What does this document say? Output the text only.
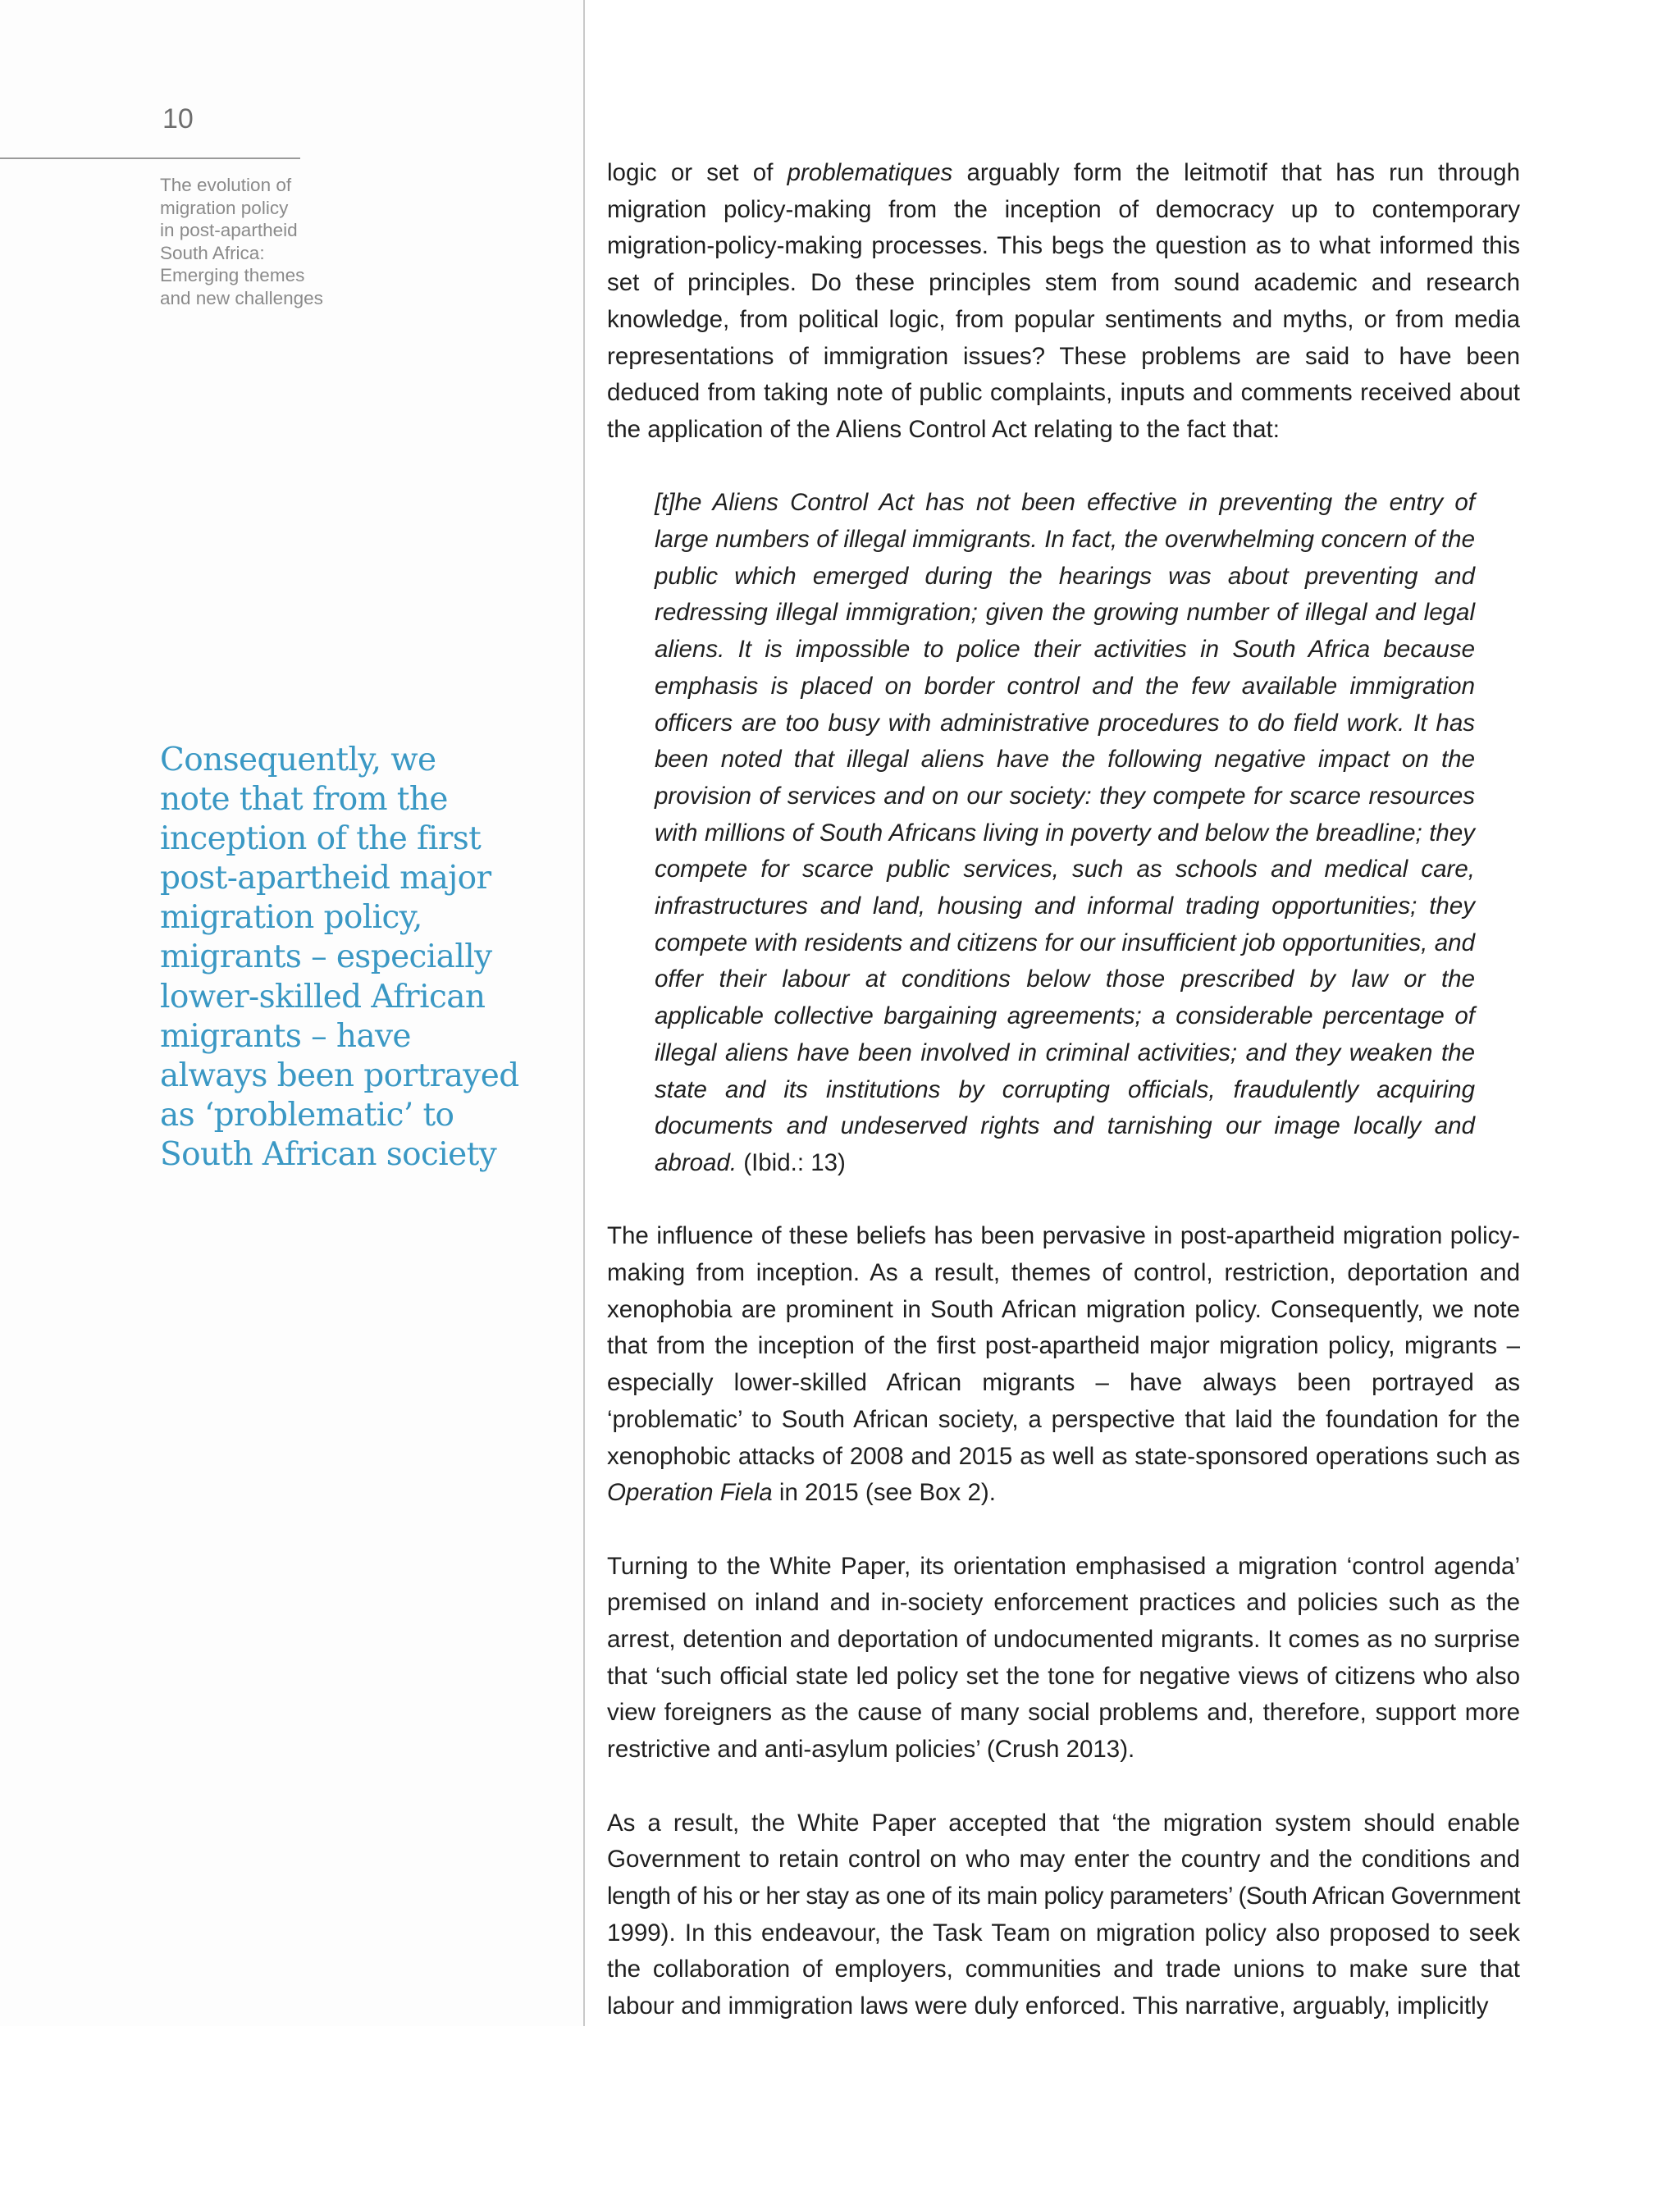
10
The evolution of
migration policy
in post-apartheid
South Africa:
Emerging themes
and new challenges
Consequently, we
note that from the
inception of the first
post-apartheid major
migration policy,
migrants – especially
lower-skilled African
migrants – have
always been portrayed
as ‘problematic’ to
South African society

logic or set of problematiques arguably form the leitmotif that has run through migration policy-making from the inception of democracy up to contemporary migration-policy-making processes. This begs the question as to what informed this set of principles. Do these principles stem from sound academic and research knowledge, from political logic, from popular sentiments and myths, or from media representations of immigration issues? These problems are said to have been deduced from taking note of public complaints, inputs and comments received about the application of the Aliens Control Act relating to the fact that:

[t]he Aliens Control Act has not been effective in preventing the entry of large numbers of illegal immigrants. In fact, the overwhelming concern of the public which emerged during the hearings was about preventing and redressing illegal immigration; given the growing number of illegal and legal aliens. It is impossible to police their activities in South Africa because emphasis is placed on border control and the few available immigration officers are too busy with administrative procedures to do field work. It has been noted that illegal aliens have the following negative impact on the provision of services and on our society: they compete for scarce resources with millions of South Africans living in poverty and below the breadline; they compete for scarce public services, such as schools and medical care, infrastructures and land, housing and informal trading opportunities; they compete with residents and citizens for our insufficient job opportunities, and offer their labour at conditions below those prescribed by law or the applicable collective bargaining agreements; a considerable percentage of illegal aliens have been involved in criminal activities; and they weaken the state and its institutions by corrupting officials, fraudulently acquiring documents and undeserved rights and tarnishing our image locally and abroad. (Ibid.: 13)

The influence of these beliefs has been pervasive in post-apartheid migration policy-making from inception. As a result, themes of control, restriction, deportation and xenophobia are prominent in South African migration policy. Consequently, we note that from the inception of the first post-apartheid major migration policy, migrants – especially lower-skilled African migrants – have always been portrayed as ‘problematic’ to South African society, a perspective that laid the foundation for the xenophobic attacks of 2008 and 2015 as well as state-sponsored operations such as Operation Fiela in 2015 (see Box 2).

Turning to the White Paper, its orientation emphasised a migration ‘control agenda’ premised on inland and in-society enforcement practices and policies such as the arrest, detention and deportation of undocumented migrants. It comes as no surprise that ‘such official state led policy set the tone for negative views of citizens who also view foreigners as the cause of many social problems and, therefore, support more restrictive and anti-asylum policies’ (Crush 2013).

As a result, the White Paper accepted that ‘the migration system should enable Government to retain control on who may enter the country and the conditions and length of his or her stay as one of its main policy parameters’ (South African Government 1999). In this endeavour, the Task Team on migration policy also proposed to seek the collaboration of employers, communities and trade unions to make sure that labour and immigration laws were duly enforced. This narrative, arguably, implicitly
